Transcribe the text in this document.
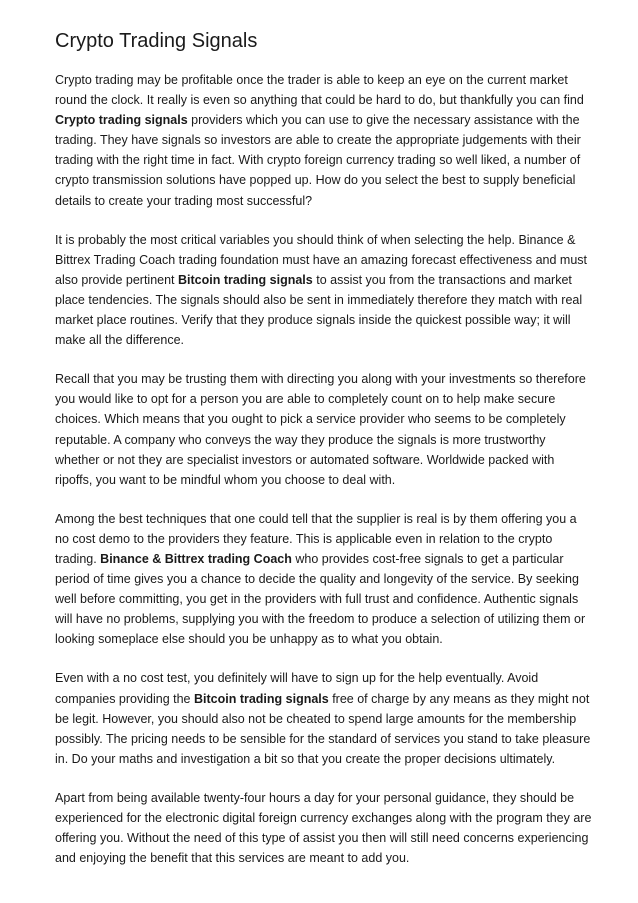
Crypto Trading Signals

Crypto trading may be profitable once the trader is able to keep an eye on the current market round the clock. It really is even so anything that could be hard to do, but thankfully you can find Crypto trading signals providers which you can use to give the necessary assistance with the trading. They have signals so investors are able to create the appropriate judgements with their trading with the right time in fact. With crypto foreign currency trading so well liked, a number of crypto transmission solutions have popped up. How do you select the best to supply beneficial details to create your trading most successful?

It is probably the most critical variables you should think of when selecting the help. Binance & Bittrex Trading Coach trading foundation must have an amazing forecast effectiveness and must also provide pertinent Bitcoin trading signals to assist you from the transactions and market place tendencies. The signals should also be sent in immediately therefore they match with real market place routines. Verify that they produce signals inside the quickest possible way; it will make all the difference.

Recall that you may be trusting them with directing you along with your investments so therefore you would like to opt for a person you are able to completely count on to help make secure choices. Which means that you ought to pick a service provider who seems to be completely reputable. A company who conveys the way they produce the signals is more trustworthy whether or not they are specialist investors or automated software. Worldwide packed with ripoffs, you want to be mindful whom you choose to deal with.

Among the best techniques that one could tell that the supplier is real is by them offering you a no cost demo to the providers they feature. This is applicable even in relation to the crypto trading. Binance & Bittrex trading Coach who provides cost-free signals to get a particular period of time gives you a chance to decide the quality and longevity of the service. By seeking well before committing, you get in the providers with full trust and confidence. Authentic signals will have no problems, supplying you with the freedom to produce a selection of utilizing them or looking someplace else should you be unhappy as to what you obtain.

Even with a no cost test, you definitely will have to sign up for the help eventually. Avoid companies providing the Bitcoin trading signals free of charge by any means as they might not be legit. However, you should also not be cheated to spend large amounts for the membership possibly. The pricing needs to be sensible for the standard of services you stand to take pleasure in. Do your maths and investigation a bit so that you create the proper decisions ultimately.

Apart from being available twenty-four hours a day for your personal guidance, they should be experienced for the electronic digital foreign currency exchanges along with the program they are offering you. Without the need of this type of assist you then will still need concerns experiencing and enjoying the benefit that this services are meant to add you.
